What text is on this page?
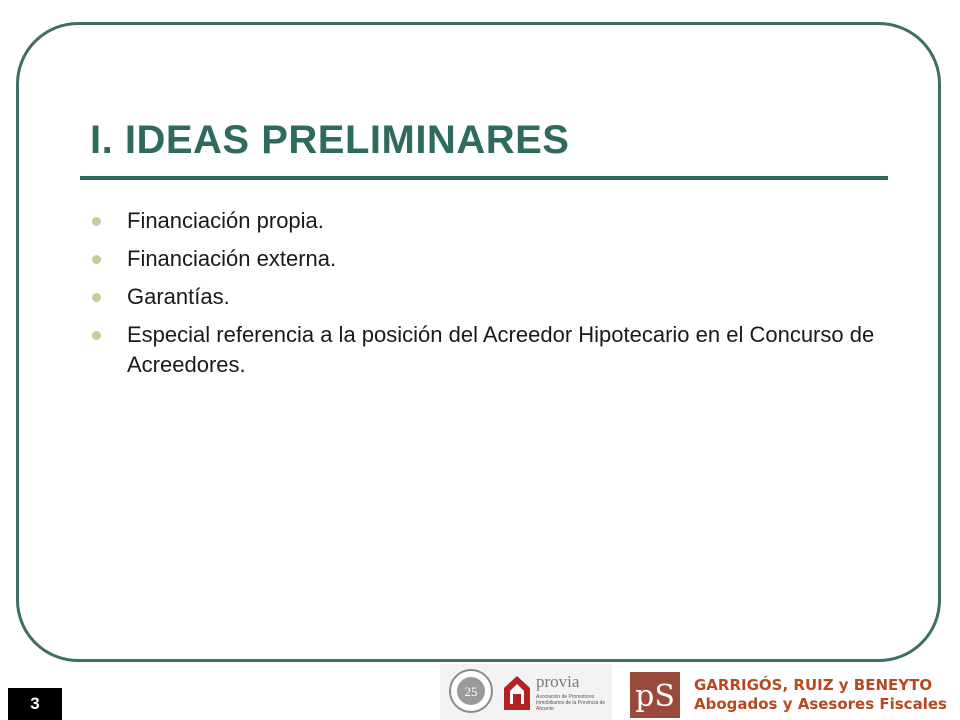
I. IDEAS PRELIMINARES
Financiación propia.
Financiación externa.
Garantías.
Especial referencia a la posición del Acreedor Hipotecario en el Concurso de Acreedores.
3
25
provia
Asociación de Promotores Inmobiliarios de la Provincia de Alicante	pS GARRIGÓS, RUIZ y BENEYTO
Abogados y Asesores Fiscales
